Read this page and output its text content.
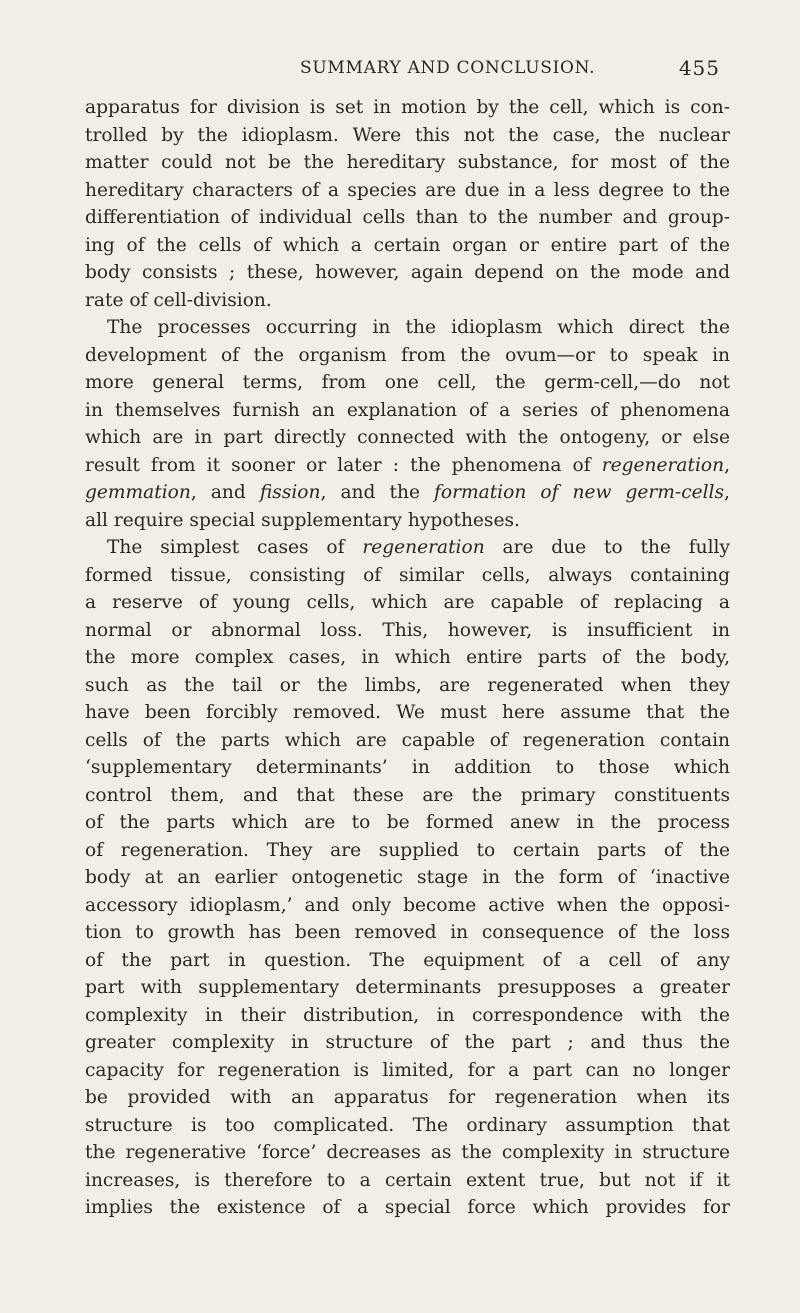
SUMMARY AND CONCLUSION.	455
apparatus for division is set in motion by the cell, which is con-
trolled by the idioplasm. Were this not the case, the nuclear
matter could not be the hereditary substance, for most of the
hereditary characters of a species are due in a less degree to the
differentiation of individual cells than to the number and group-
ing of the cells of which a certain organ or entire part of the
body consists ; these, however, again depend on the mode and
rate of cell-division.
The processes occurring in the idioplasm which direct the
development of the organism from the ovum—or to speak in
more general terms, from one cell, the germ-cell,—do not
in themselves furnish an explanation of a series of phenomena
which are in part directly connected with the ontogeny, or else
result from it sooner or later : the phenomena of regeneration,
gemmation, and fission, and the formation of new germ-cells,
all require special supplementary hypotheses.
The simplest cases of regeneration are due to the fully
formed tissue, consisting of similar cells, always containing
a reserve of young cells, which are capable of replacing a
normal or abnormal loss. This, however, is insufficient in
the more complex cases, in which entire parts of the body,
such as the tail or the limbs, are regenerated when they
have been forcibly removed. We must here assume that the
cells of the parts which are capable of regeneration contain
‘supplementary determinants’ in addition to those which
control them, and that these are the primary constituents
of the parts which are to be formed anew in the process
of regeneration. They are supplied to certain parts of the
body at an earlier ontogenetic stage in the form of ‘inactive
accessory idioplasm,’ and only become active when the opposi-
tion to growth has been removed in consequence of the loss
of the part in question. The equipment of a cell of any
part with supplementary determinants presupposes a greater
complexity in their distribution, in correspondence with the
greater complexity in structure of the part ; and thus the
capacity for regeneration is limited, for a part can no longer
be provided with an apparatus for regeneration when its
structure is too complicated. The ordinary assumption that
the regenerative ‘force’ decreases as the complexity in structure
increases, is therefore to a certain extent true, but not if it
implies the existence of a special force which provides for
